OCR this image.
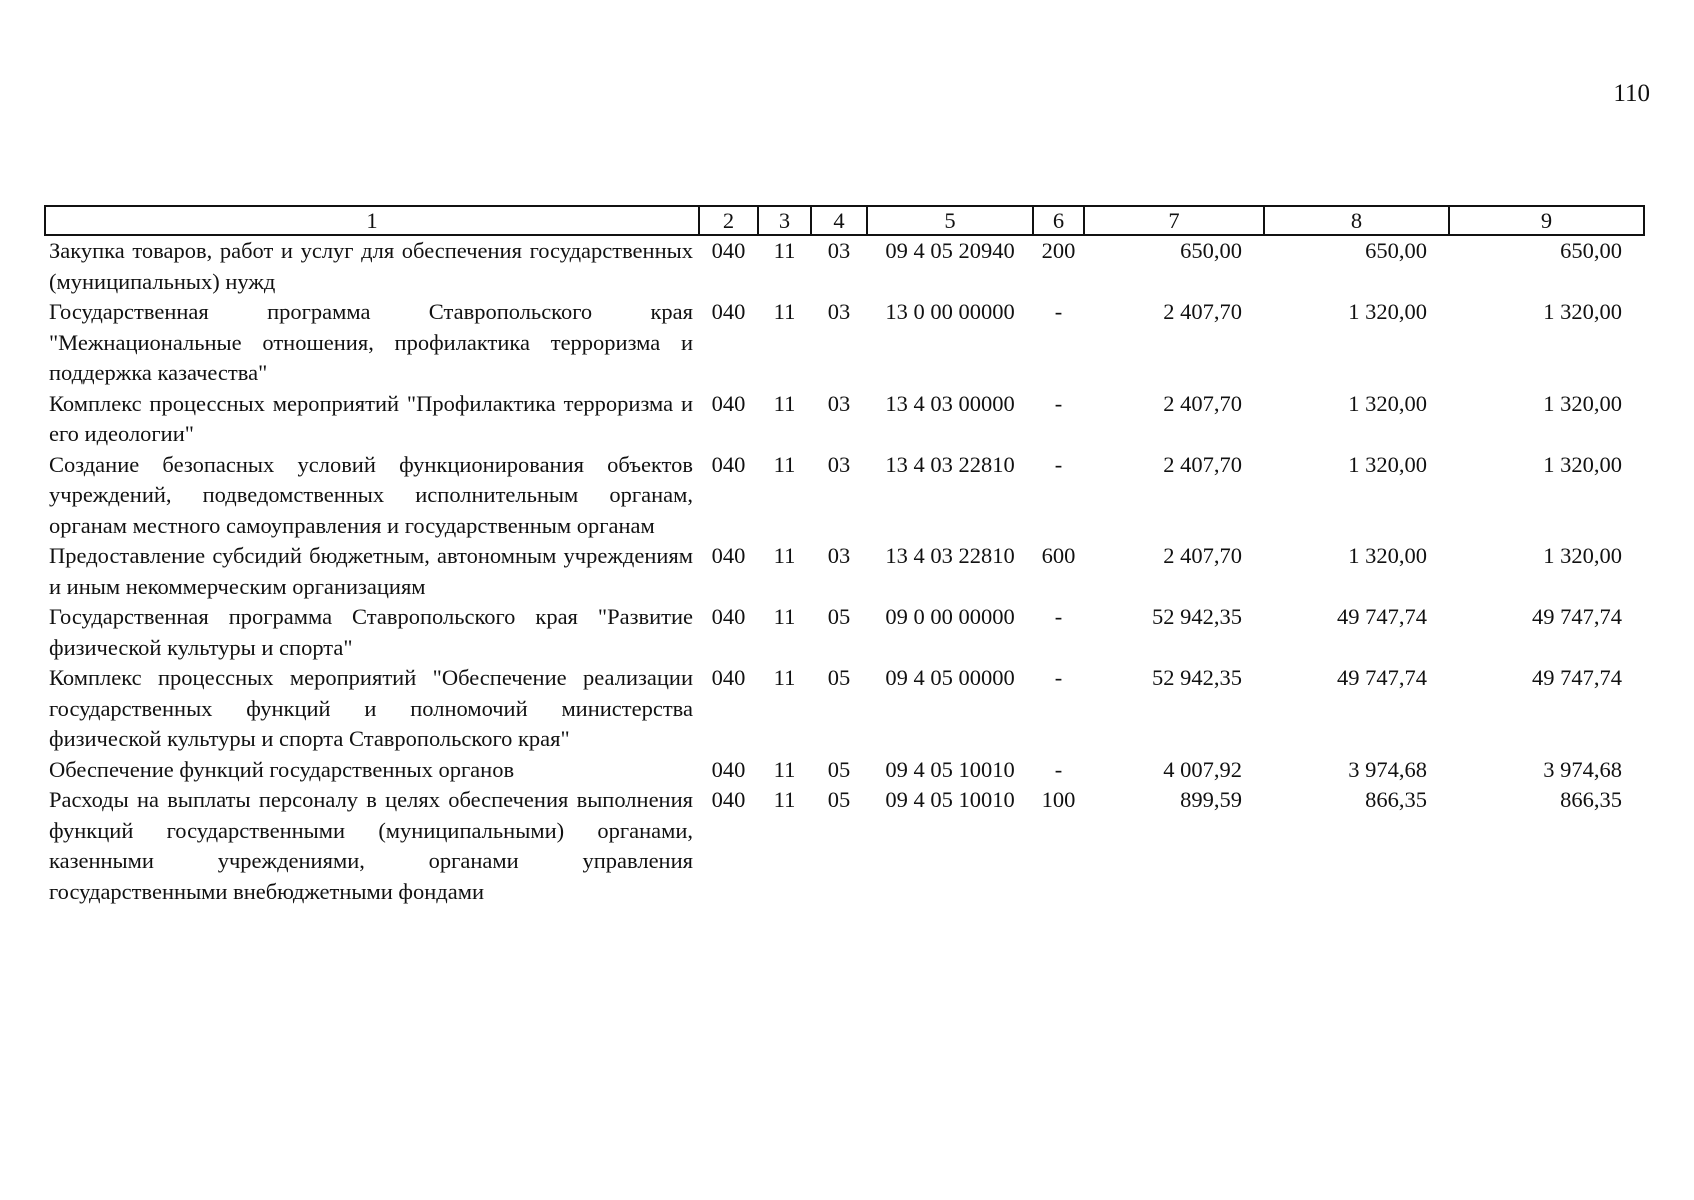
110
1	2	3	4	5	6	7	8	9
Закупка товаров, работ и услуг для обеспечения государственных (муниципальных) нужд	040	11	03	09 4 05 20940	200	650,00	650,00	650,00
Государственная программа Ставропольского края "Межнациональные отношения, профилактика терроризма и поддержка казачества"	040	11	03	13 0 00 00000	-	2 407,70	1 320,00	1 320,00
Комплекс процессных мероприятий "Профилактика терроризма и его идеологии"	040	11	03	13 4 03 00000	-	2 407,70	1 320,00	1 320,00
Создание безопасных условий функционирования объектов учреждений, подведомственных исполнительным органам, органам местного самоуправления и государственным органам	040	11	03	13 4 03 22810	-	2 407,70	1 320,00	1 320,00
Предоставление субсидий бюджетным, автономным учреждениям и иным некоммерческим организациям	040	11	03	13 4 03 22810	600	2 407,70	1 320,00	1 320,00
Государственная программа Ставропольского края "Развитие физической культуры и спорта"	040	11	05	09 0 00 00000	-	52 942,35	49 747,74	49 747,74
Комплекс процессных мероприятий "Обеспечение реализации государственных функций и полномочий министерства физической культуры и спорта Ставропольского края"	040	11	05	09 4 05 00000	-	52 942,35	49 747,74	49 747,74
Обеспечение функций государственных органов	040	11	05	09 4 05 10010	-	4 007,92	3 974,68	3 974,68
Расходы на выплаты персоналу в целях обеспечения выполнения функций государственными (муниципальными) органами, казенными учреждениями, органами управления государственными внебюджетными фондами	040	11	05	09 4 05 10010	100	899,59	866,35	866,35
